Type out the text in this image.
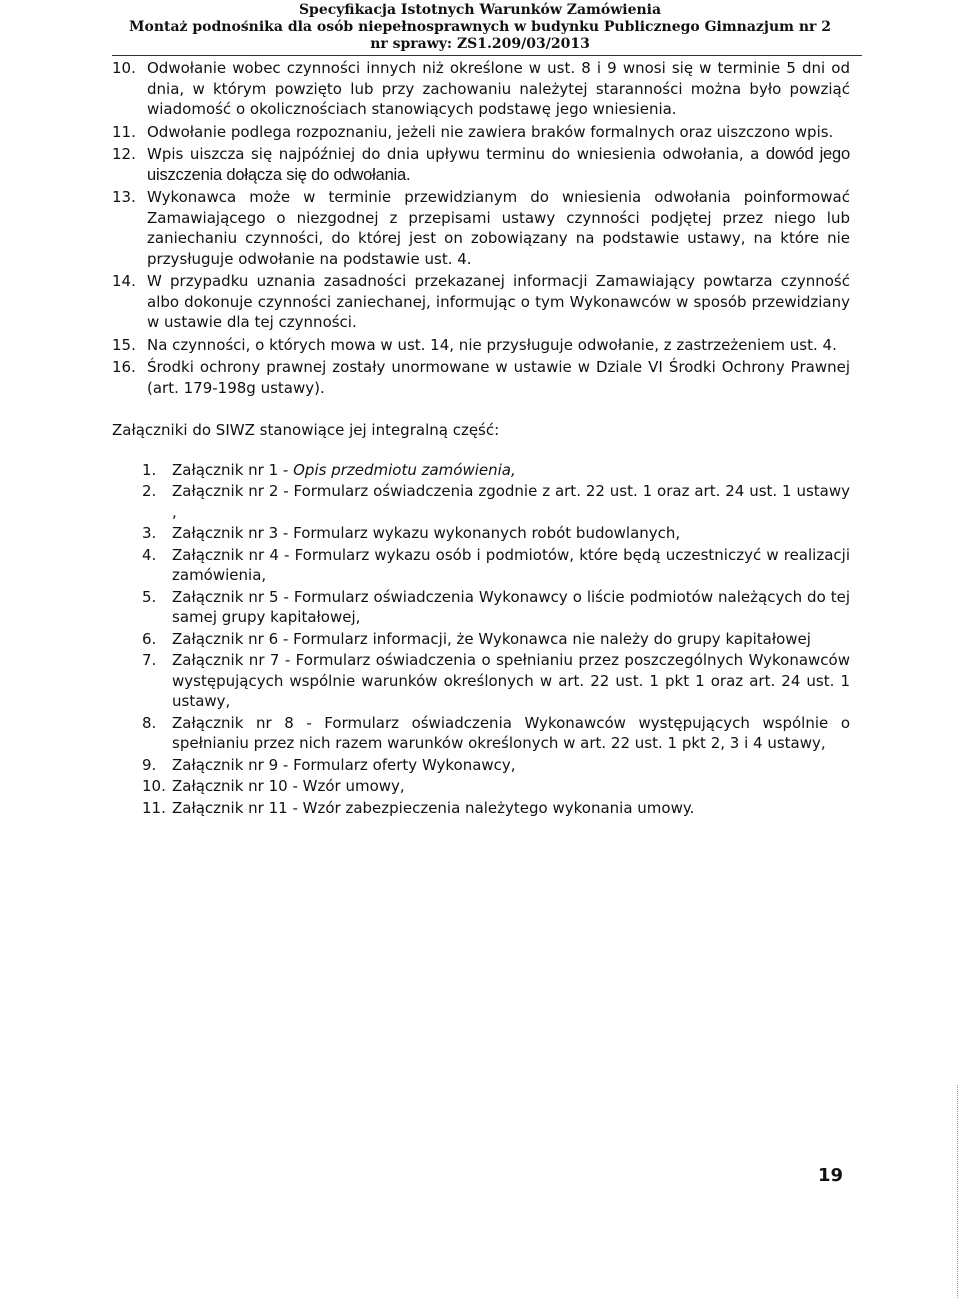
Specyfikacja Istotnych Warunków Zamówienia
Montaż podnośnika dla osób niepełnosprawnych w budynku Publicznego Gimnazjum nr 2
nr sprawy: ZS1.209/03/2013
10. Odwołanie wobec czynności innych niż określone w ust. 8 i 9 wnosi się w terminie 5 dni od dnia, w którym powzięto lub przy zachowaniu należytej staranności można było powziąć wiadomość o okolicznościach stanowiących podstawę jego wniesienia.
11. Odwołanie podlega rozpoznaniu, jeżeli nie zawiera braków formalnych oraz uiszczono wpis.
12. Wpis uiszcza się najpóźniej do dnia upływu terminu do wniesienia odwołania, a dowód jego uiszczenia dołącza się do odwołania.
13. Wykonawca może w terminie przewidzianym do wniesienia odwołania poinformować Zamawiającego o niezgodnej z przepisami ustawy czynności podjętej przez niego lub zaniechaniu czynności, do której jest on zobowiązany na podstawie ustawy, na które nie przysługuje odwołanie na podstawie ust. 4.
14. W przypadku uznania zasadności przekazanej informacji Zamawiający powtarza czynność albo dokonuje czynności zaniechanej, informując o tym Wykonawców w sposób przewidziany w ustawie dla tej czynności.
15. Na czynności, o których mowa w ust. 14, nie przysługuje odwołanie, z zastrzeżeniem ust. 4.
16. Środki ochrony prawnej zostały unormowane w ustawie w Dziale VI Środki Ochrony Prawnej (art. 179-198g ustawy).
Załączniki do SIWZ stanowiące jej integralną część:
1.	Załącznik nr 1 - Opis przedmiotu zamówienia,
2.	Załącznik nr 2 - Formularz oświadczenia zgodnie z art. 22 ust. 1 oraz art. 24 ust. 1 ustawy ,
3.	Załącznik nr 3 - Formularz wykazu wykonanych robót budowlanych,
4.	Załącznik nr 4 - Formularz wykazu osób i podmiotów, które będą uczestniczyć w realizacji zamówienia,
5.	Załącznik nr 5 - Formularz oświadczenia Wykonawcy o liście podmiotów należących do tej samej grupy kapitałowej,
6.	Załącznik nr 6 - Formularz informacji, że Wykonawca nie należy do grupy kapitałowej
7.	Załącznik nr 7 - Formularz oświadczenia o spełnianiu przez poszczególnych Wykonawców występujących wspólnie warunków określonych w art. 22 ust. 1 pkt 1 oraz art. 24 ust. 1 ustawy,
8.	Załącznik nr 8 - Formularz oświadczenia Wykonawców występujących wspólnie o spełnianiu przez nich razem warunków określonych w art. 22 ust. 1 pkt 2, 3 i 4 ustawy,
9.	Załącznik nr 9 - Formularz oferty Wykonawcy,
10. Załącznik nr 10 - Wzór umowy,
11. Załącznik nr 11 - Wzór zabezpieczenia należytego wykonania umowy.
19
